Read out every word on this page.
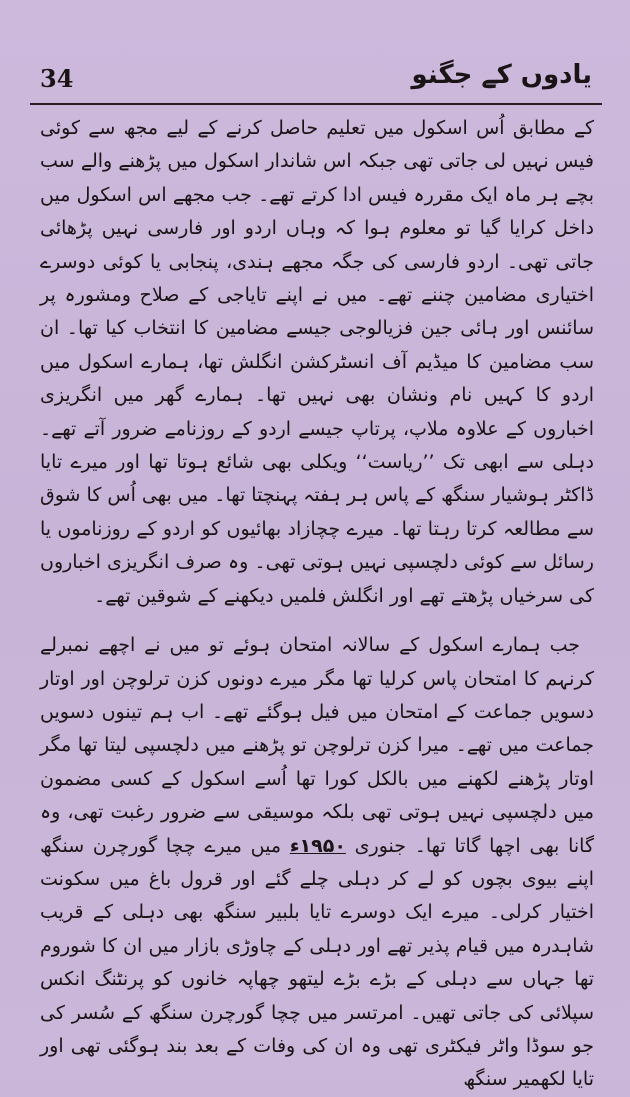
34	یادوں کے جگنو

کے مطابق اُس اسکول میں تعلیم حاصل کرنے کے لیے مجھ سے کوئی فیس نہیں لی جاتی تھی جبکہ اس شاندار اسکول میں پڑھنے والے سب بچے ہر ماہ ایک مقررہ فیس ادا کرتے تھے۔ جب مجھے اس اسکول میں داخل کرایا گیا تو معلوم ہوا کہ وہاں اردو اور فارسی نہیں پڑھائی جاتی تھی۔ اردو فارسی کی جگہ مجھے ہندی، پنجابی یا کوئی دوسرے اختیاری مضامین چننے تھے۔ میں نے اپنے تایاجی کے صلاح ومشورہ پر سائنس اور ہائی جین فزیالوجی جیسے مضامین کا انتخاب کیا تھا۔ ان سب مضامین کا میڈیم آف انسٹرکشن انگلش تھا، ہمارے اسکول میں اردو کا کہیں نام ونشان بھی نہیں تھا۔ ہمارے گھر میں انگریزی اخباروں کے علاوہ ملاپ، پرتاپ جیسے اردو کے روزنامے ضرور آتے تھے۔ دہلی سے ابھی تک ’’ریاست‘‘ ویکلی بھی شائع ہوتا تھا اور میرے تایا ڈاکٹر ہوشیار سنگھ کے پاس ہر ہفتہ پہنچتا تھا۔ میں بھی اُس کا شوق سے مطالعہ کرتا رہتا تھا۔ میرے چچازاد بھائیوں کو اردو کے روزناموں یا رسائل سے کوئی دلچسپی نہیں ہوتی تھی۔ وہ صرف انگریزی اخباروں کی سرخیاں پڑھتے تھے اور انگلش فلمیں دیکھنے کے شوقین تھے۔

جب ہمارے اسکول کے سالانہ امتحان ہوئے تو میں نے اچھے نمبرلے کرنہم کا امتحان پاس کرلیا تھا مگر میرے دونوں کزن ترلوچن اور اوتار دسویں جماعت کے امتحان میں فیل ہوگئے تھے۔ اب ہم تینوں دسویں جماعت میں تھے۔ میرا کزن ترلوچن تو پڑھنے میں دلچسپی لیتا تھا مگر اوتار پڑھنے لکھنے میں بالکل کورا تھا اُسے اسکول کے کسی مضمون میں دلچسپی نہیں ہوتی تھی بلکہ موسیقی سے ضرور رغبت تھی، وہ گانا بھی اچھا گاتا تھا۔ جنوری ۱۹۵۰ء میں میرے چچا گورچرن سنگھ اپنے بیوی بچوں کو لے کر دہلی چلے گئے اور قرول باغ میں سکونت اختیار کرلی۔ میرے ایک دوسرے تایا بلبیر سنگھ بھی دہلی کے قریب شاہدرہ میں قیام پذیر تھے اور دہلی کے چاوڑی بازار میں ان کا شوروم تھا جہاں سے دہلی کے بڑے بڑے لیتھو چھاپہ خانوں کو پرنٹنگ انکس سپلائی کی جاتی تھیں۔ امرتسر میں چچا گورچرن سنگھ کے سُسر کی جو سوڈا واٹر فیکٹری تھی وہ ان کی وفات کے بعد بند ہوگئی تھی اور تایا لکھمیر سنگھ
